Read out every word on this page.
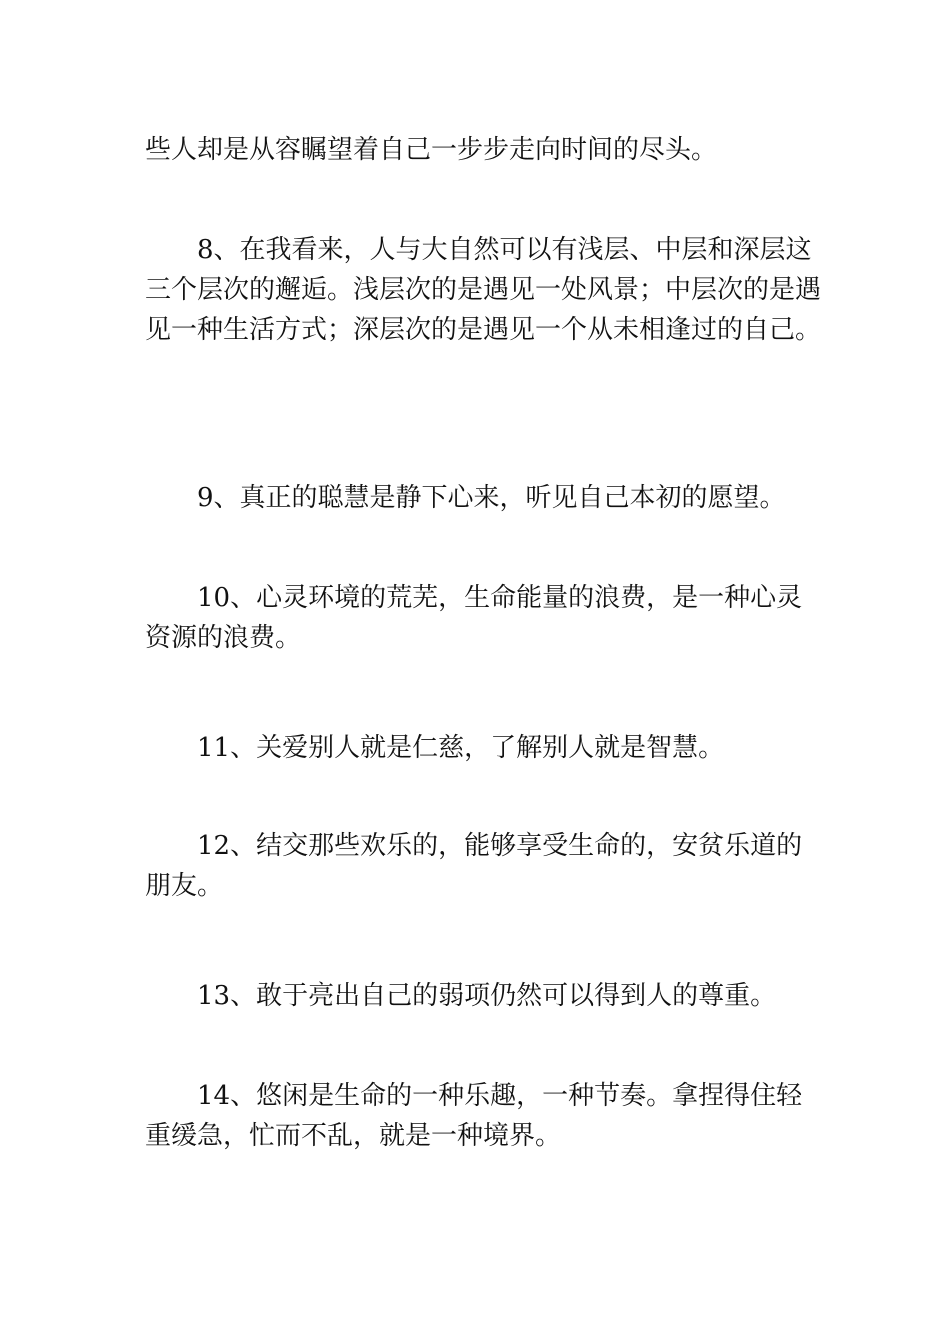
些人却是从容瞩望着自己一步步走向时间的尽头。

8、在我看来，人与大自然可以有浅层、中层和深层这三个层次的邂逅。浅层次的是遇见一处风景；中层次的是遇见一种生活方式；深层次的是遇见一个从未相逢过的自己。

9、真正的聪慧是静下心来，听见自己本初的愿望。

10、心灵环境的荒芜，生命能量的浪费，是一种心灵资源的浪费。

11、关爱别人就是仁慈，了解别人就是智慧。

12、结交那些欢乐的，能够享受生命的，安贫乐道的朋友。

13、敢于亮出自己的弱项仍然可以得到人的尊重。

14、悠闲是生命的一种乐趣，一种节奏。拿捏得住轻重缓急，忙而不乱，就是一种境界。
